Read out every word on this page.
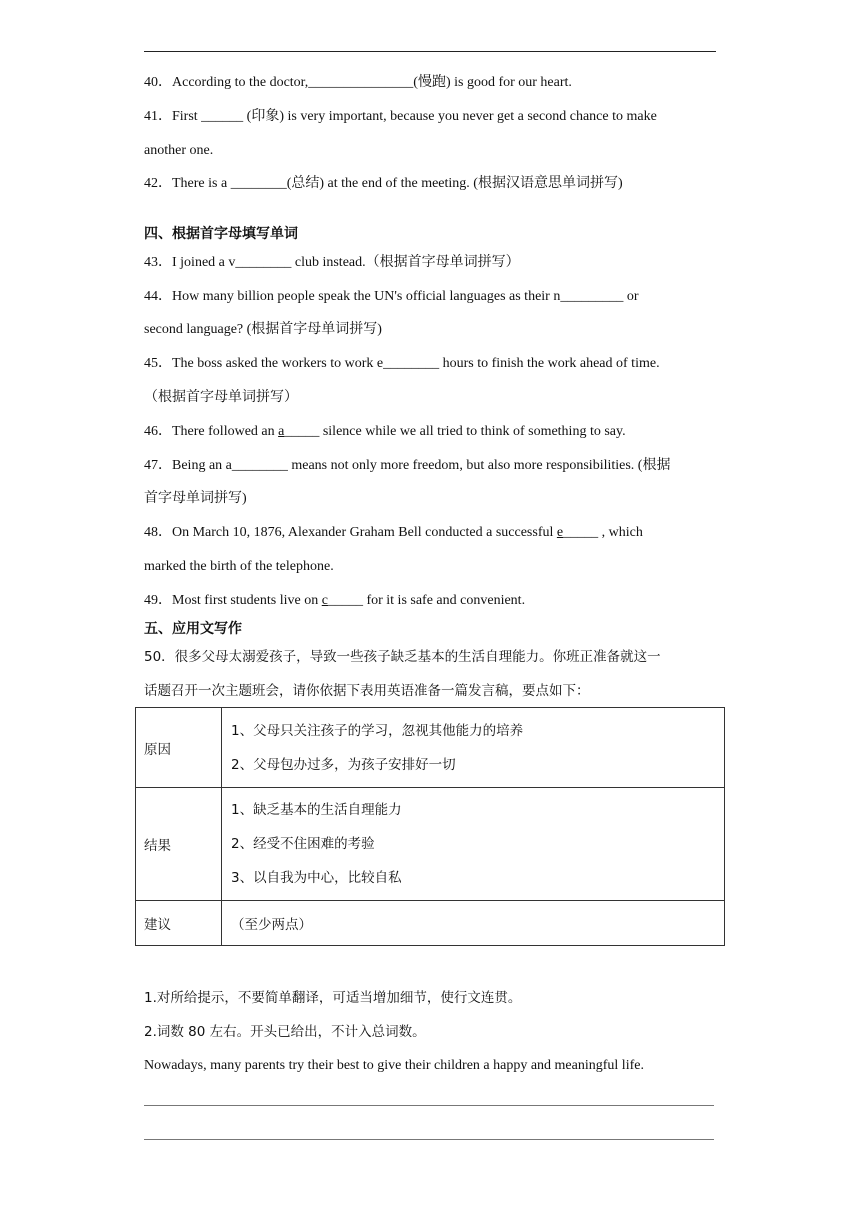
40．According to the doctor,_______________(慢跑) is good for our heart.
41．First ______ (印象) is very important, because you never get a second chance to make
another one.
42．There is a ________(总结) at the end of the meeting. (根据汉语意思单词拼写)
四、根据首字母填写单词
43．I joined a v________ club instead.（根据首字母单词拼写）
44．How many billion people speak the UN's official languages as their n_________ or
second language? (根据首字母单词拼写)
45．The boss asked the workers to work e________ hours to finish the work ahead of time.
（根据首字母单词拼写）
46．There followed an a_____ silence while we all tried to think of something to say.
47．Being an a________ means not only more freedom, but also more responsibilities. (根据
首字母单词拼写)
48．On March 10, 1876, Alexander Graham Bell conducted a successful e_____ , which
marked the birth of the telephone.
49．Most first students live on c_____ for it is safe and convenient.
五、应用文写作
50．很多父母太溺爱孩子，导致一些孩子缺乏基本的生活自理能力。你班正准备就这一
话题召开一次主题班会，请你依据下表用英语准备一篇发言稿，要点如下：
原因	1、父母只关注孩子的学习，忽视其他能力的培养
2、父母包办过多，为孩子安排好一切

结果	1、缺乏基本的生活自理能力
2、经受不住困难的考验
3、以自我为中心，比较自私

建议	（至少两点）
1.对所给提示，不要简单翻译，可适当增加细节，使行文连贯。
2.词数 80 左右。开头已给出，不计入总词数。
Nowadays, many parents try their best to give their children a happy and meaningful life.
